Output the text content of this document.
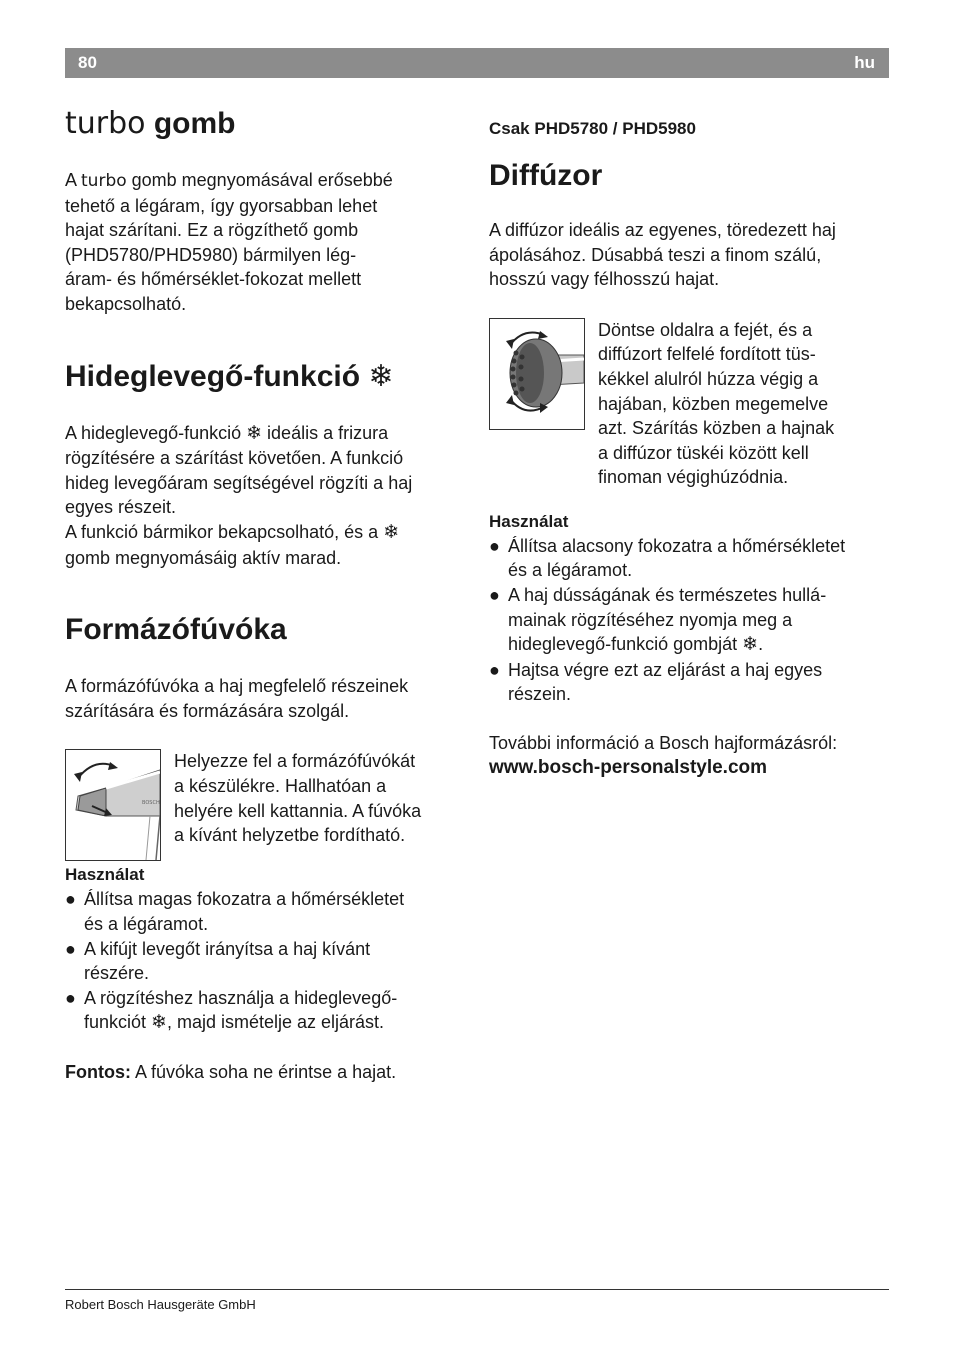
80	hu
turbo gomb

A turbo gomb megnyomásával erősebbé
tehető a légáram, így gyorsabban lehet
hajat szárítani. Ez a rögzíthető gomb
(PHD5780/PHD5980) bármilyen lég-
áram- és hőmérséklet-fokozat mellett
bekapcsolható.

Hideglevegő-funkció ❄

A hideglevegő-funkció ❄ ideális a frizura
rögzítésére a szárítást követően. A funkció
hideg levegőáram segítségével rögzíti a haj
egyes részeit.
A funkció bármikor bekapcsolható, és a ❄
gomb megnyomásáig aktív marad.

Formázófúvóka

A formázófúvóka a haj megfelelő részeinek
szárítására és formázására szolgál.

BOSCH

Helyezze fel a formázófúvókát
a készülékre. Hallhatóan a
helyére kell kattannia. A fúvóka
a kívánt helyzetbe fordítható.

Használat
● Állítsa magas fokozatra a hőmérsékletet
és a légáramot.
● A kifújt levegőt irányítsa a haj kívánt
részére.
● A rögzítéshez használja a hideglevegő-
funkciót ❄, majd ismételje az eljárást.

Fontos: A fúvóka soha ne érintse a hajat.

Csak PHD5780 / PHD5980
Diffúzor

A diffúzor ideális az egyenes, töredezett haj
ápolásához. Dúsabbá teszi a finom szálú,
hosszú vagy félhosszú hajat.

Döntse oldalra a fejét, és a
diffúzort felfelé fordított tüs-
kékkel alulról húzza végig a
hajában, közben megemelve
azt. Szárítás közben a hajnak
a diffúzor tüskéi között kell
finoman végighúzódnia.

Használat
● Állítsa alacsony fokozatra a hőmérsékletet
és a légáramot.
● A haj dússágának és természetes hullá-
mainak rögzítéséhez nyomja meg a
hideglevegő-funkció gombját ❄.
● Hajtsa végre ezt az eljárást a haj egyes
részein.

További információ a Bosch hajformázásról:

www.bosch-personalstyle.com

Robert Bosch Hausgeräte GmbH
